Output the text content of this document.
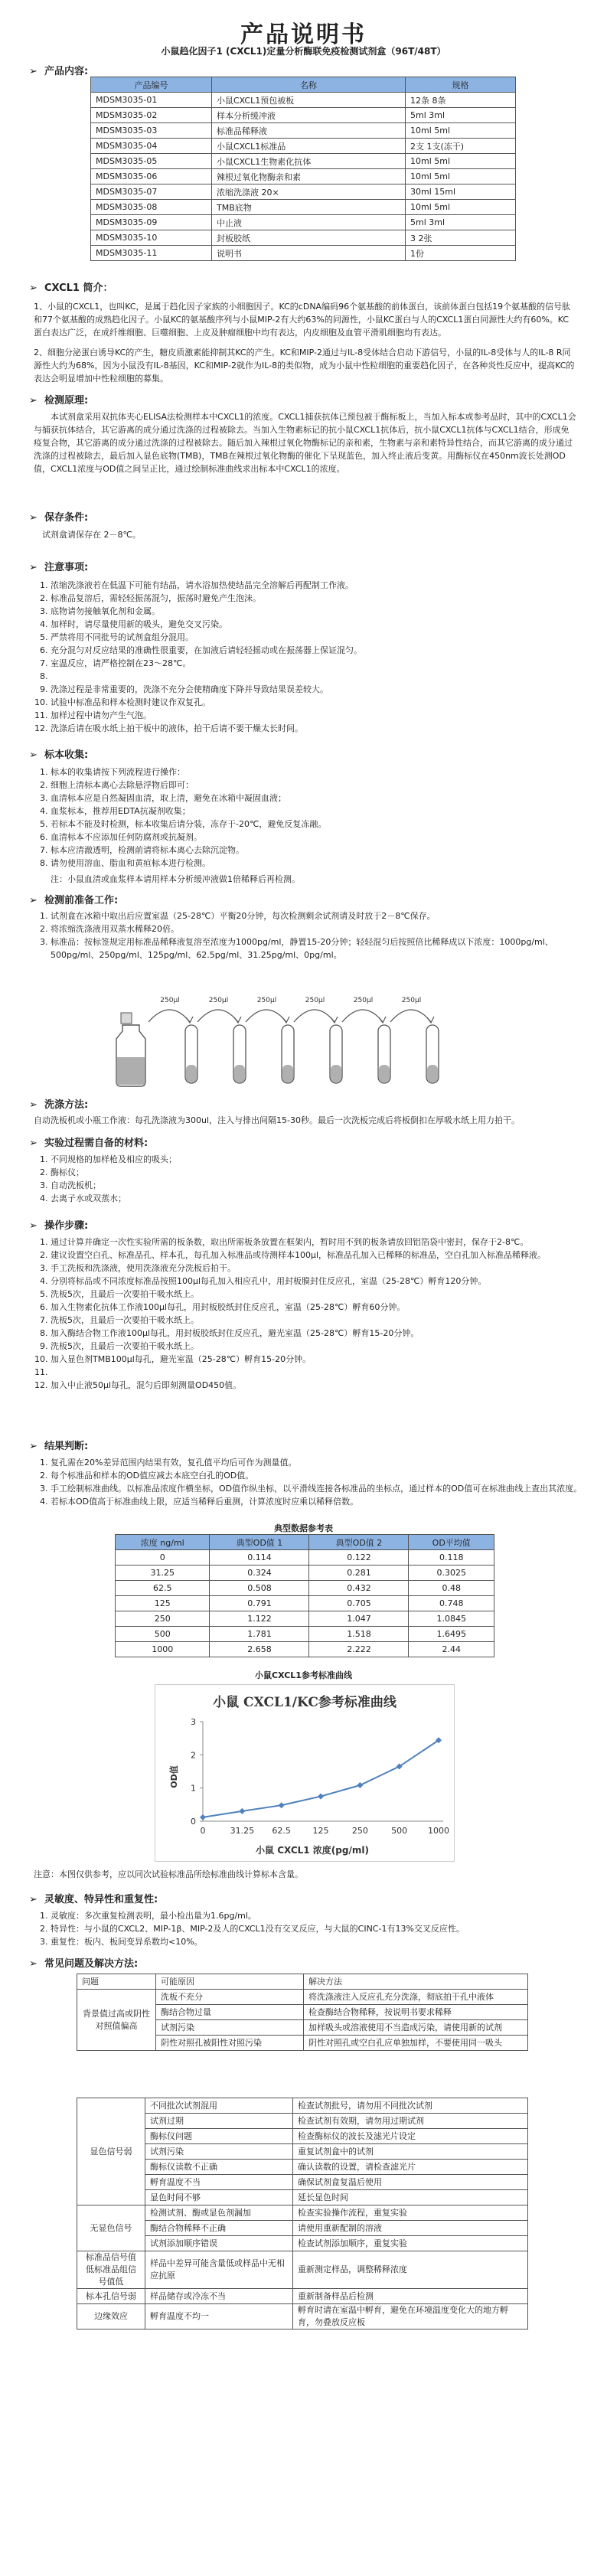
产品说明书
小鼠趋化因子1 (CXCL1)定量分析酶联免疫检测试剂盒（96T/48T）
➢ 产品内容:
产品编号	名称	规格
MDSM3035-01	小鼠CXCL1预包被板	12条 8条
MDSM3035-02	样本分析缓冲液	5ml 3ml
MDSM3035-03	标准品稀释液	10ml 5ml
MDSM3035-04	小鼠CXCL1标准品	2支 1支(冻干)
MDSM3035-05	小鼠CXCL1生物素化抗体	10ml 5ml
MDSM3035-06	辣根过氧化物酶亲和素	10ml 5ml
MDSM3035-07	浓缩洗涤液 20×	30ml 15ml
MDSM3035-08	TMB底物	10ml 5ml
MDSM3035-09	中止液	5ml 3ml
MDSM3035-10	封板胶纸	3 2张
MDSM3035-11	说明书	1份
➢ CXCL1 简介：

1、小鼠的CXCL1，也叫KC，是属于趋化因子家族的小细胞因子。KC的cDNA编码96个氨基酸的前体蛋白，该前体蛋白包括19个氨基酸的信号肽和77个氨基酸的成熟趋化因子。小鼠KC的氨基酸序列与小鼠MIP-2有大约63%的同源性，小鼠KC蛋白与人的CXCL1蛋白同源性大约有60%。KC蛋白表达广泛，在成纤维细胞、巨噬细胞、上皮及肿瘤细胞中均有表达，内皮细胞及血管平滑肌细胞均有表达。

2、细胞分泌蛋白诱导KC的产生，糖皮质激素能抑制其KC的产生。KC和MIP-2通过与IL-8受体结合启动下游信号，小鼠的IL-8受体与人的IL-8 R同源性大约为68%，因为小鼠没有IL-8基因，KC和MIP-2就作为IL-8的类似物，成为小鼠中性粒细胞的重要趋化因子，在各种炎性反应中，提高KC的表达会明显增加中性粒细胞的募集。

➢ 检测原理:

本试剂盒采用双抗体夹心ELISA法检测样本中CXCL1的浓度。CXCL1捕获抗体已预包被于酶标板上，当加入标本或参考品时，其中的CXCL1会与捕获抗体结合，其它游离的成分通过洗涤的过程被除去。当加入生物素标记的抗小鼠CXCL1抗体后，抗小鼠CXCL1抗体与CXCL1结合，形成免疫复合物，其它游离的成分通过洗涤的过程被除去。随后加入辣根过氧化物酶标记的亲和素，生物素与亲和素特异性结合，而其它游离的成分通过洗涤的过程被除去，最后加入显色底物(TMB)，TMB在辣根过氧化物酶的催化下呈现蓝色，加入终止液后变黄。用酶标仪在450nm波长处测OD值，CXCL1浓度与OD值之间呈正比，通过绘制标准曲线求出标本中CXCL1的浓度。

➢ 保存条件:

试剂盒请保存在 2－8℃。

➢ 注意事项:
1. 浓缩洗涤液若在低温下可能有结晶，请水浴加热使结晶完全溶解后再配制工作液。
2. 标准品复溶后，需轻轻振荡混匀，振荡时避免产生泡沫。
3. 底物请勿接触氧化剂和金属。
4. 加样时，请尽量使用新的吸头，避免交叉污染。
5. 严禁将用不同批号的试剂盒组分混用。
6. 充分混匀对反应结果的准确性很重要，在加液后请轻轻摇动或在振荡器上保证混匀。
7. 室温反应，请严格控制在23～28℃。
8.
9. 洗涤过程是非常重要的，洗涤不充分会使精确度下降并导致结果误差较大。
10. 试验中标准品和样本检测时建议作双复孔。
11. 加样过程中请勿产生气泡。
12. 洗涤后请在吸水纸上拍干板中的液体，拍干后请不要干燥太长时间。
➢ 标本收集:
1. 标本的收集请按下列流程进行操作：
2. 细胞上清标本离心去除悬浮物后即可：
3. 血清标本应是自然凝固血清，取上清，避免在冰箱中凝固血液；
4. 血浆标本，推荐用EDTA抗凝剂收集；
5. 若标本不能及时检测，标本收集后请分装，冻存于-20℃，避免反复冻融。
6. 血清标本不应添加任何防腐剂或抗凝剂。
7. 标本应清澈透明，检测前请将标本离心去除沉淀物。
8. 请勿使用溶血、脂血和黄疸标本进行检测。

注：小鼠血清或血浆样本请用样本分析缓冲液做1倍稀释后再检测。

➢ 检测前准备工作:
1. 试剂盒在冰箱中取出后应置室温（25-28℃）平衡20分钟，每次检测剩余试剂请及时放于2－8℃保存。
2. 将浓缩洗涤液用双蒸水稀释20倍。
3. 标准品：按标签规定用标准品稀释液复溶至浓度为1000pg/ml，静置15-20分钟；轻轻混匀后按照倍比稀释成以下浓度：1000pg/ml、500pg/ml、250pg/ml、125pg/ml、62.5pg/ml、31.25pg/ml、0pg/ml。
250μl	250μl	250μl	250μl	250μl	250μl
➢ 洗涤方法:

自动洗板机或小瓶工作液：每孔洗涤液为300ul，注入与排出间隔15-30秒。最后一次洗板完成后将板倒扣在厚吸水纸上用力拍干。

➢ 实验过程需自备的材料:
1. 不同规格的加样枪及相应的吸头；
2. 酶标仪；
3. 自动洗板机；
4. 去离子水或双蒸水；
➢ 操作步骤:
1. 通过计算并确定一次性实验所需的板条数，取出所需板条放置在框架内，暂时用不到的板条请放回铝箔袋中密封，保存于2-8℃。
2. 建议设置空白孔、标准品孔、样本孔，每孔加入标准品或待测样本100μl，标准品孔加入已稀释的标准品，空白孔加入标准品稀释液。
3. 手工洗板和洗涤液，使用洗涤液充分洗板后拍干。
4. 分别将标品或不同浓度标准品按照100μl每孔加入相应孔中，用封板膜封住反应孔，室温（25-28℃）孵育120分钟。
5. 洗板5次，且最后一次要拍干吸水纸上。
6. 加入生物素化抗体工作液100μl每孔，用封板胶纸封住反应孔，室温（25-28℃）孵育60分钟。
7. 洗板5次，且最后一次要拍干吸水纸上。
8. 加入酶结合物工作液100μl每孔，用封板胶纸封住反应孔，避光室温（25-28℃）孵育15-20分钟。
9. 洗板5次，且最后一次要拍干吸水纸上。
10. 加入显色剂TMB100μl每孔，避光室温（25-28℃）孵育15-20分钟。
11.
12. 加入中止液50μl每孔，混匀后即刻测量OD450值。
➢ 结果判断:
1. 复孔需在20%差异范围内结果有效，复孔值平均后可作为测量值。
2. 每个标准品和样本的OD值应减去本底空白孔的OD值。
3. 手工绘制标准曲线。以标准品浓度作横坐标，OD值作纵坐标，以平滑线连接各标准品的坐标点，通过样本的OD值可在标准曲线上查出其浓度。
4. 若标本OD值高于标准曲线上限，应适当稀释后重测，计算浓度时应乘以稀释倍数。
典型数据参考表
浓度 ng/ml	典型OD值 1	典型OD值 2	OD平均值
0	0.114	0.122	0.118
31.25	0.324	0.281	0.3025
62.5	0.508	0.432	0.48
125	0.791	0.705	0.748
250	1.122	1.047	1.0845
500	1.781	1.518	1.6495
1000	2.658	2.222	2.44
小鼠CXCL1参考标准曲线
小鼠 CXCL1/KC参考标准曲线
OD值
小鼠 CXCL1 浓度(pg/ml)
0
1
2
3
0	31.25 62.5	125	250	500 1000

注意：本图仅供参考，应以同次试验标准品所绘标准曲线计算标本含量。

➢ 灵敏度、特异性和重复性:
1. 灵敏度：多次重复检测表明，最小检出量为1.6pg/ml。
2. 特异性：与小鼠的CXCL2、MIP-1β、MIP-2及人的CXCL1没有交叉反应，与大鼠的CINC-1有13%交叉反应性。
3. 重复性：板内、板间变异系数均<10%。
➢ 常见问题及解决方法:
问题	可能原因	解决方法
背景值过高或阴性对照值偏高	洗板不充分	将洗涤液注入反应孔充分洗涤，彻底拍干孔中液体
	酶结合物过量	检查酶结合物稀释，按说明书要求稀释
	试剂污染	加样吸头或溶液使用不当造成污染，请使用新的试剂
	阴性对照孔被阳性对照污染	阴性对照孔或空白孔应单独加样，不要使用同一吸头
显色信号弱	不同批次试剂混用	检查试剂批号，请勿用不同批次试剂
	试剂过期	检查试剂有效期，请勿用过期试剂
	酶标仪问题	检查酶标仪的波长及滤光片设定
	试剂污染	重复试剂盒中的试剂
	酶标仪读数不正确	确认读数的设置，请检查滤光片
	孵育温度不当	确保试剂盒复温后使用
	显色时间不够	延长显色时间
无显色信号	检测试剂、酶或显色剂漏加	检查实验操作流程，重复实验
	酶结合物稀释不正确	请使用重新配制的溶液
	试剂添加顺序错误	检查试剂添加顺序，重复实验
标准品信号值低标准品组信号值低	样品中差异可能含量低或样品中无相应抗原	重新测定样品，调整稀释浓度
标本孔信号弱	样品储存或冷冻不当	重新制备样品后检测
边缘效应	孵育温度不均一	孵育时请在室温中孵育，避免在环境温度变化大的地方孵育，勿叠放反应板
